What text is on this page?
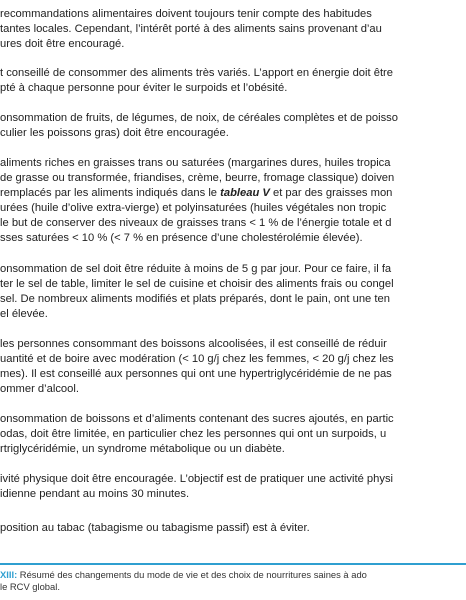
recommandations alimentaires doivent toujours tenir compte des habitudes
tantes locales. Cependant, l’intérêt porté à des aliments sains provenant d’au
ures doit être encouragé.
t conseillé de consommer des aliments très variés. L’apport en énergie doit être
pté à chaque personne pour éviter le surpoids et l’obésité.
onsommation de fruits, de légumes, de noix, de céréales complètes et de poisso
culier les poissons gras) doit être encouragée.
aliments riches en graisses trans ou saturées (margarines dures, huiles tropica
de grasse ou transformée, friandises, crème, beurre, fromage classique) doiven
remplacés par les aliments indiqués dans le tableau V et par des graisses mon
urées (huile d’olive extra-vierge) et polyinsaturées (huiles végétales non tropic
le but de conserver des niveaux de graisses trans < 1 % de l’énergie totale et d
sses saturées < 10 % (< 7 % en présence d’une cholestérolémie élevée).
onsommation de sel doit être réduite à moins de 5 g par jour. Pour ce faire, il fa
ter le sel de table, limiter le sel de cuisine et choisir des aliments frais ou congel
sel. De nombreux aliments modifiés et plats préparés, dont le pain, ont une ten
el élevée.
les personnes consommant des boissons alcoolisées, il est conseillé de réduir
uantité et de boire avec modération (< 10 g/j chez les femmes, < 20 g/j chez les
mes). Il est conseillé aux personnes qui ont une hypertriglycéridémie de ne pas
ommer d’alcool.
onsommation de boissons et d’aliments contenant des sucres ajoutés, en partic
odas, doit être limitée, en particulier chez les personnes qui ont un surpoids, u
rtriglycéridémie, un syndrome métabolique ou un diabète.
ivité physique doit être encouragée. L’objectif est de pratiquer une activité physi
idienne pendant au moins 30 minutes.
position au tabac (tabagisme ou tabagisme passif) est à éviter.
XIII: Résumé des changements du mode de vie et des choix de nourritures saines à ado
le RCV global.
